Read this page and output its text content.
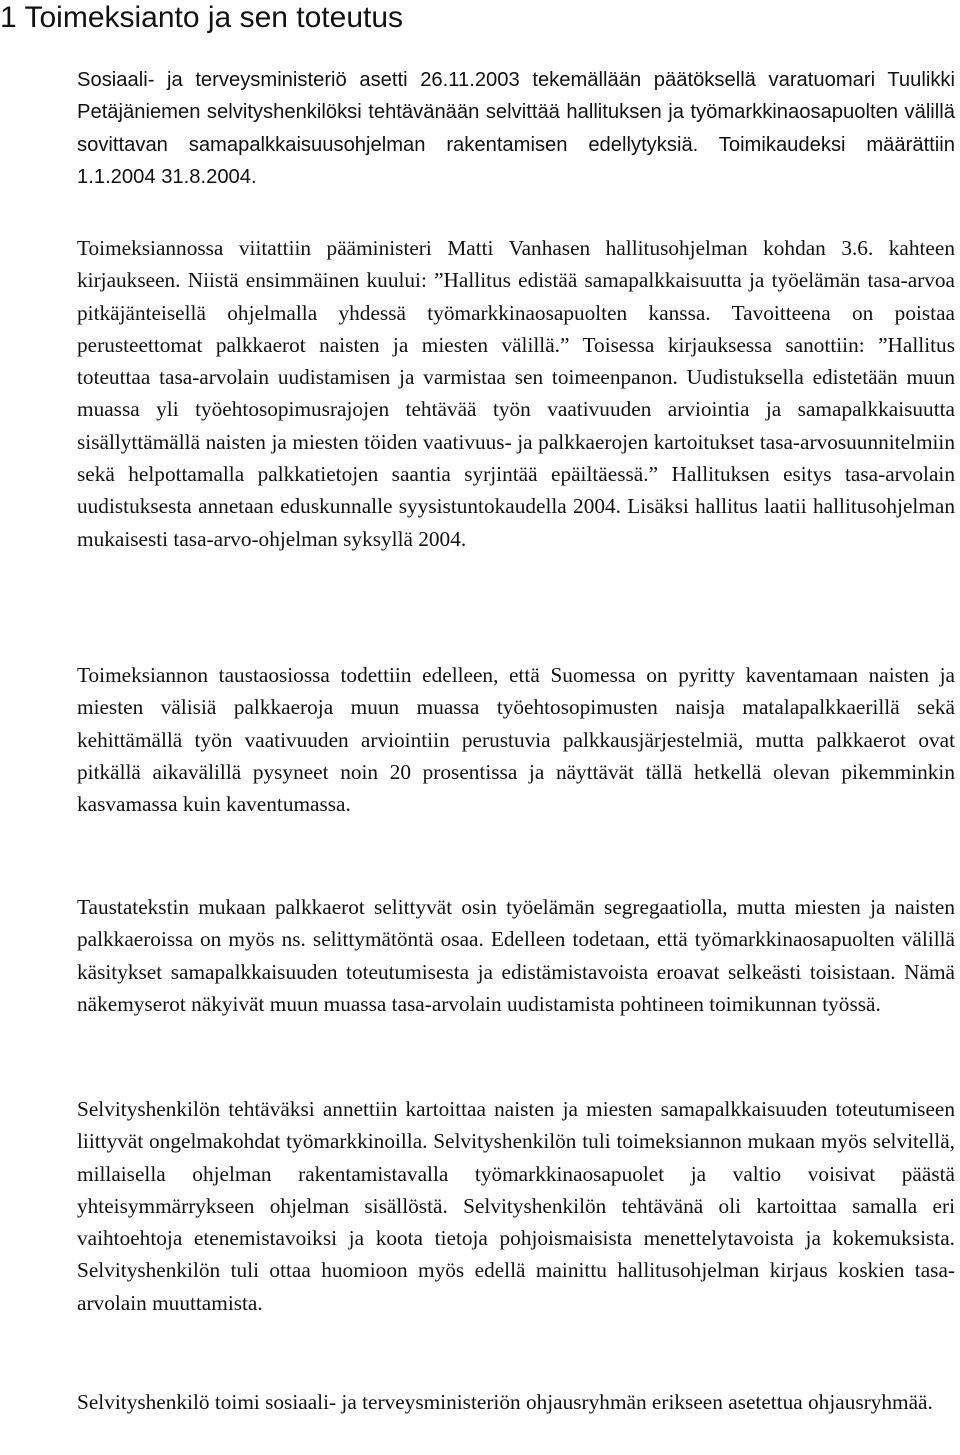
1 Toimeksianto ja sen toteutus

Sosiaali- ja terveysministeriö asetti 26.11.2003 tekemällään päätöksellä varatuomari Tuulikki Petäjäniemen selvityshenkilöksi tehtävänään selvittää hallituksen ja työmarkkinaosapuolten välillä sovittavan samapalkkaisuusohjelman rakentamisen edellytyksiä. Toimikaudeksi määrättiin 1.1.2004 31.8.2004.

Toimeksiannossa viitattiin pääministeri Matti Vanhasen hallitusohjelman kohdan 3.6. kahteen kirjaukseen. Niistä ensimmäinen kuului: ”Hallitus edistää samapalkkaisuutta ja työelämän tasa-arvoa pitkäjänteisellä ohjelmalla yhdessä työmarkkinaosapuolten kanssa. Tavoitteena on poistaa perusteettomat palkkaerot naisten ja miesten välillä.” Toisessa kirjauksessa sanottiin: ”Hallitus toteuttaa tasa-arvolain uudistamisen ja varmistaa sen toimeenpanon. Uudistuksella edistetään muun muassa yli työehtosopimusrajojen tehtävää työn vaativuuden arviointia ja samapalkkaisuutta sisällyttämällä naisten ja miesten töiden vaativuus- ja palkkaerojen kartoitukset tasa-arvosuunnitelmiin sekä helpottamalla palkkatietojen saantia syrjintää epäiltäessä.” Hallituksen esitys tasa-arvolain uudistuksesta annetaan eduskunnalle syysistuntokaudella 2004. Lisäksi hallitus laatii hallitusohjelman mukaisesti tasa-arvo-ohjelman syksyllä 2004.

Toimeksiannon taustaosiossa todettiin edelleen, että Suomessa on pyritty kaventamaan naisten ja miesten välisiä palkkaeroja muun muassa työehtosopimusten naisja matalapalkkaerillä sekä kehittämällä työn vaativuuden arviointiin perustuvia palkkausjärjestelmiä, mutta palkkaerot ovat pitkällä aikavälillä pysyneet noin 20 prosentissa ja näyttävät tällä hetkellä olevan pikemminkin kasvamassa kuin kaventumassa.

Taustatekstin mukaan palkkaerot selittyvät osin työelämän segregaatiolla, mutta miesten ja naisten palkkaeroissa on myös ns. selittymätöntä osaa. Edelleen todetaan, että työmarkkinaosapuolten välillä käsitykset samapalkkaisuuden toteutumisesta ja edistämistavoista eroavat selkeästi toisistaan. Nämä näkemyserot näkyivät muun muassa tasa-arvolain uudistamista pohtineen toimikunnan työssä.

Selvityshenkilön tehtäväksi annettiin kartoittaa naisten ja miesten samapalkkaisuuden toteutumiseen liittyvät ongelmakohdat työmarkkinoilla. Selvityshenkilön tuli toimeksiannon mukaan myös selvitellä, millaisella ohjelman rakentamistavalla työmarkkinaosapuolet ja valtio voisivat päästä yhteisymmärrykseen ohjelman sisällöstä. Selvityshenkilön tehtävänä oli kartoittaa samalla eri vaihtoehtoja etenemistavoiksi ja koota tietoja pohjoismaisista menettelytavoista ja kokemuksista. Selvityshenkilön tuli ottaa huomioon myös edellä mainittu hallitusohjelman kirjaus koskien tasa-arvolain muuttamista.

Selvityshenkilö toimi sosiaali- ja terveysministeriön ohjausryhmän erikseen asetettua ohjausryhmää.
